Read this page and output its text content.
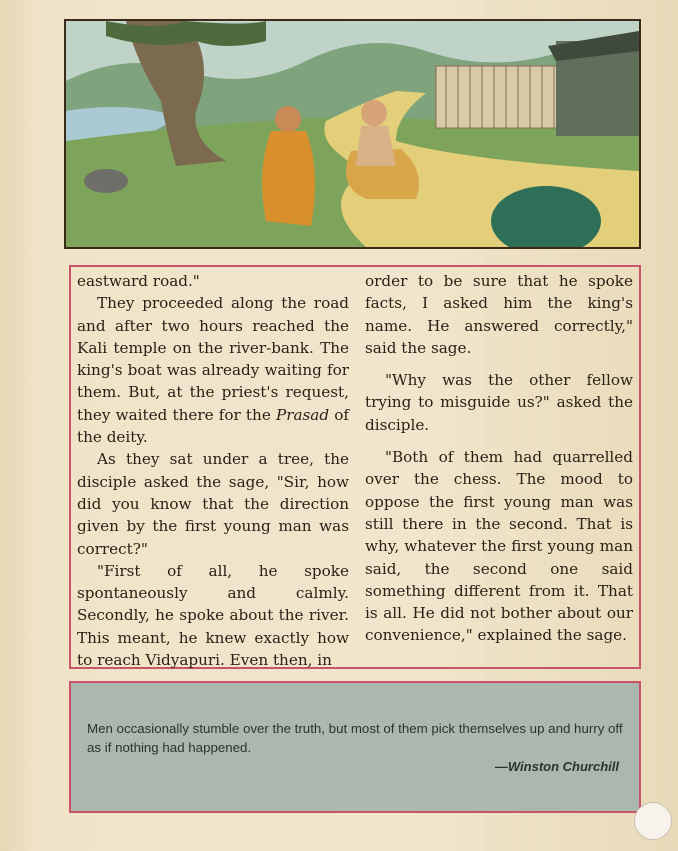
eastward road."

They proceeded along the road and after two hours reached the Kali temple on the river-bank. The king's boat was already waiting for them. But, at the priest's request, they waited there for the Prasad of the deity.

As they sat under a tree, the disciple asked the sage, "Sir, how did you know that the direction given by the first young man was correct?"

"First of all, he spoke spontaneously and calmly. Secondly, he spoke about the river. This meant, he knew exactly how to reach Vidyapuri. Even then, in

order to be sure that he spoke facts, I asked him the king's name. He answered correctly," said the sage.

"Why was the other fellow trying to misguide us?" asked the disciple.

"Both of them had quarrelled over the chess. The mood to oppose the first young man was still there in the second. That is why, whatever the first young man said, the second one said something different from it. That is all. He did not bother about our convenience," explained the sage.

Men occasionally stumble over the truth, but most of them pick themselves up and hurry off as if nothing had happened.
—Winston Churchill
